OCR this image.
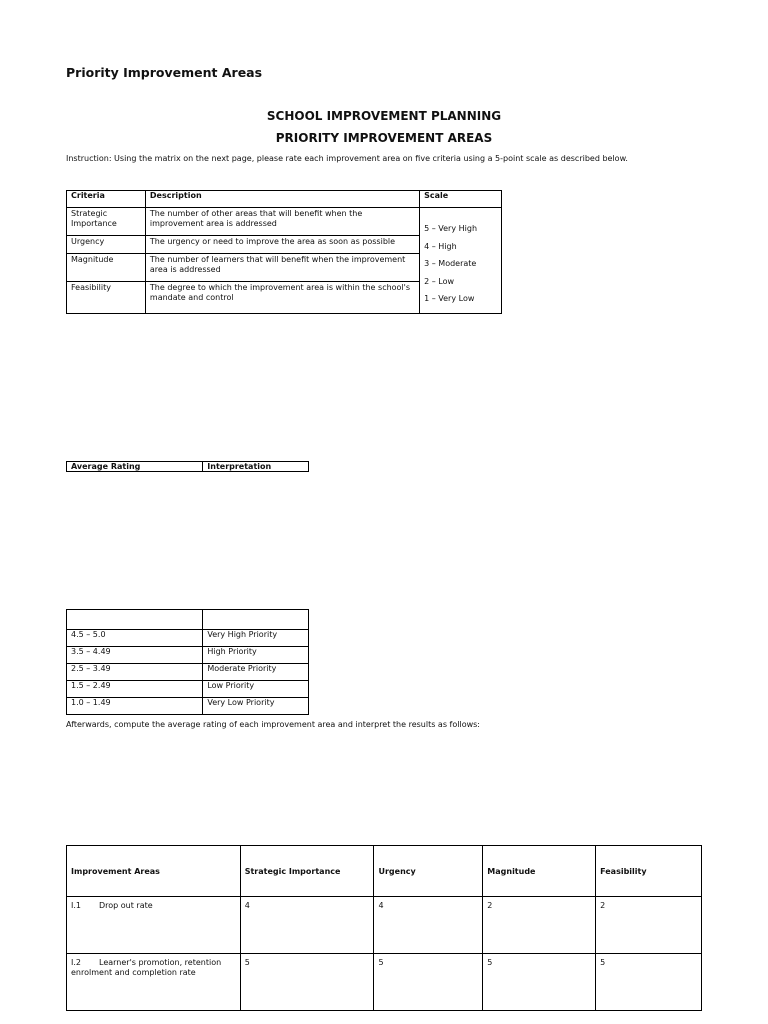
Priority Improvement Areas
SCHOOL IMPROVEMENT PLANNING
PRIORITY IMPROVEMENT AREAS
Instruction: Using the matrix on the next page, please rate each improvement area on five criteria using a 5-point scale as described below.
Criteria	Description	Scale
Strategic Importance	The number of other areas that will benefit when the improvement area is addressed	5 – Very High
4 – High
3 – Moderate
2 – Low
1 – Very Low

Urgency	The urgency or need to improve the area as soon as possible	
Magnitude	The number of learners that will benefit when the improvement area is addressed	
Feasibility	The degree to which the improvement area is within the school's mandate and control	
Average Rating	Interpretation

4.5 – 5.0	Very High Priority
3.5 – 4.49	High Priority
2.5 – 3.49	Moderate Priority
1.5 – 2.49	Low Priority
1.0 – 1.49	Very Low Priority
Afterwards, compute the average rating of each improvement area and interpret the results as follows:
Improvement Areas	Strategic Importance	Urgency	Magnitude	Feasibility
I.1 Drop out rate	4	4	2	2
I.2 Learner's promotion, retention enrolment and completion rate	5	5	5	5
